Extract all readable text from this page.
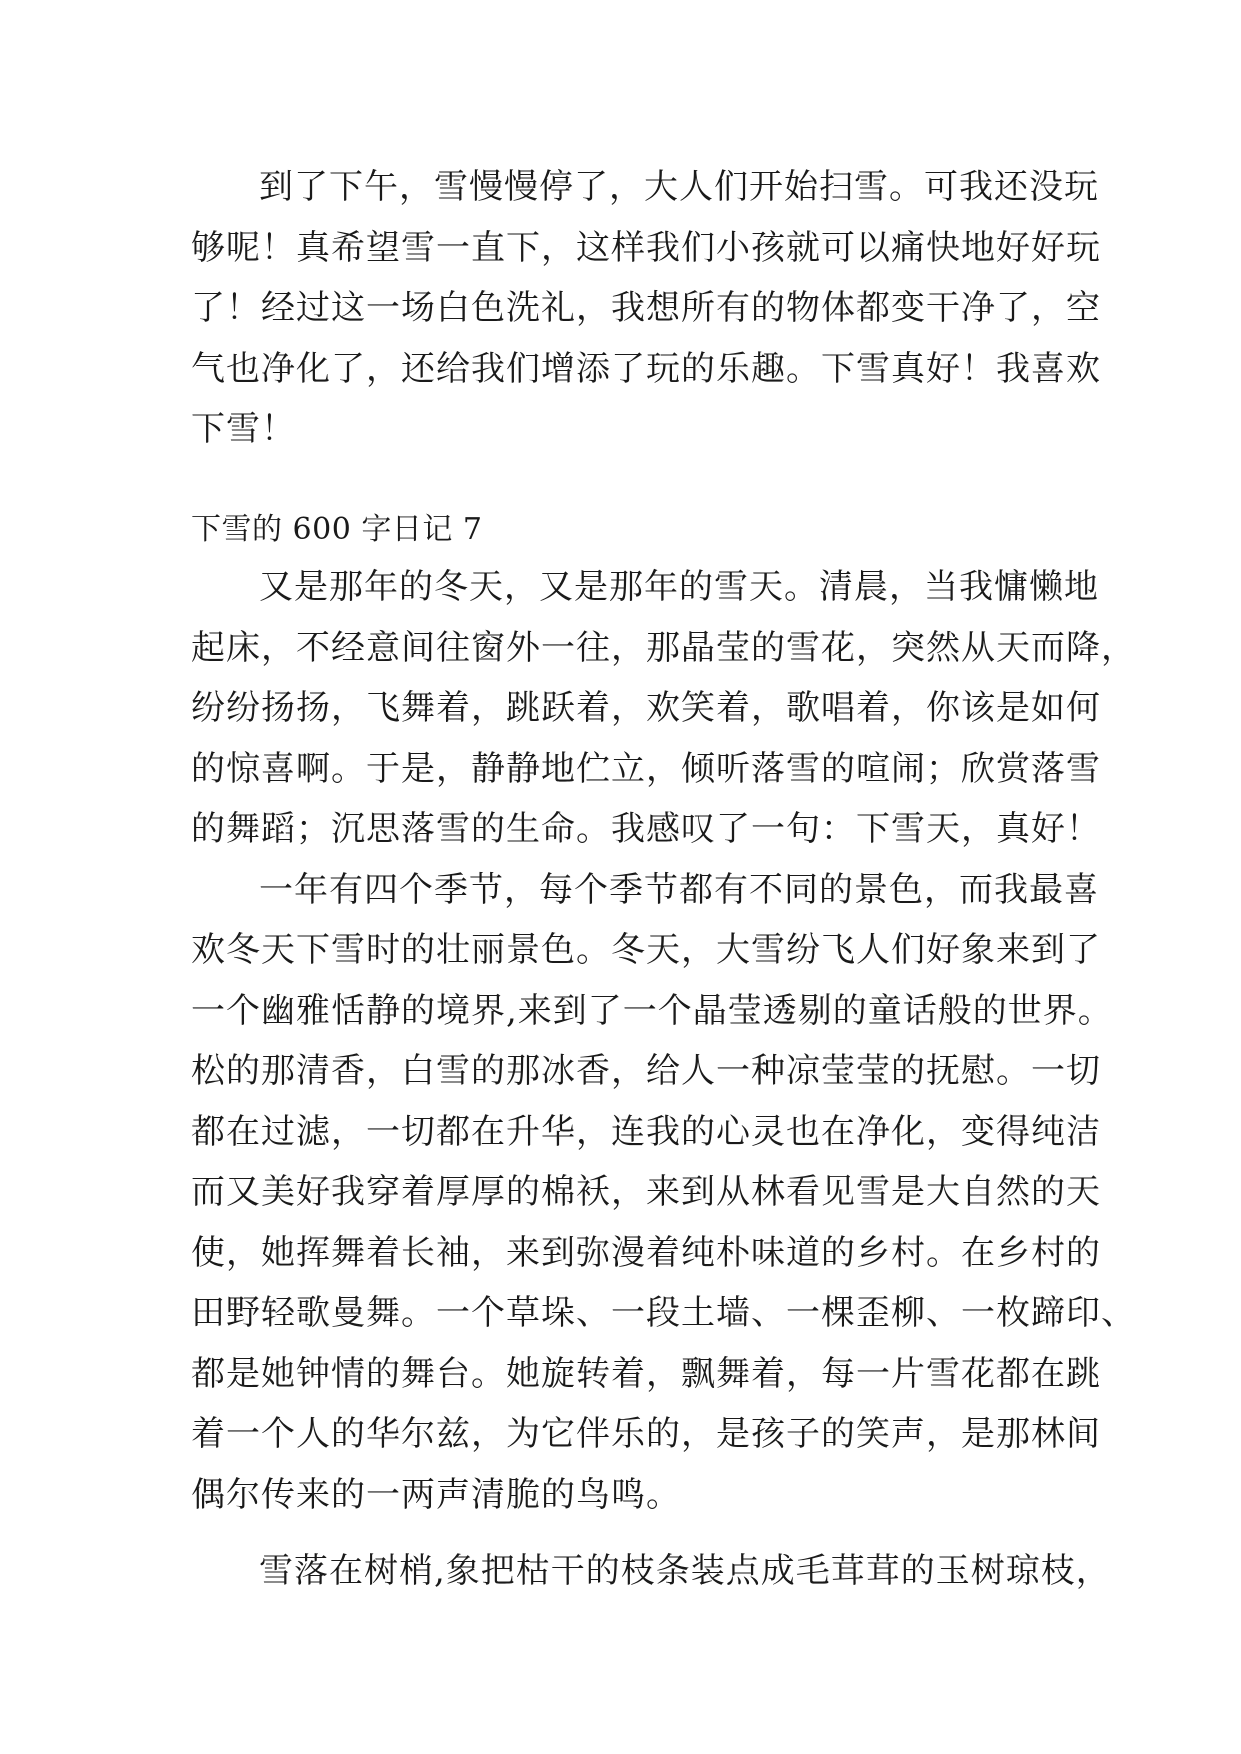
到了下午，雪慢慢停了，大人们开始扫雪。可我还没玩
够呢！真希望雪一直下，这样我们小孩就可以痛快地好好玩
了！经过这一场白色洗礼，我想所有的物体都变干净了，空
气也净化了，还给我们增添了玩的乐趣。下雪真好！我喜欢
下雪！
下雪的 600 字日记 7
又是那年的冬天，又是那年的雪天。清晨，当我慵懒地
起床，不经意间往窗外一往，那晶莹的雪花，突然从天而降，
纷纷扬扬，飞舞着，跳跃着，欢笑着，歌唱着，你该是如何
的惊喜啊。于是，静静地伫立，倾听落雪的喧闹；欣赏落雪
的舞蹈；沉思落雪的生命。我感叹了一句：下雪天，真好！
一年有四个季节，每个季节都有不同的景色，而我最喜
欢冬天下雪时的壮丽景色。冬天，大雪纷飞人们好象来到了
一个幽雅恬静的境界,来到了一个晶莹透剔的童话般的世界。
松的那清香，白雪的那冰香，给人一种凉莹莹的抚慰。一切
都在过滤，一切都在升华，连我的心灵也在净化，变得纯洁
而又美好我穿着厚厚的棉袄，来到从林看见雪是大自然的天
使，她挥舞着长袖，来到弥漫着纯朴味道的乡村。在乡村的
田野轻歌曼舞。一个草垛、一段土墙、一棵歪柳、一枚蹄印、
都是她钟情的舞台。她旋转着，飘舞着，每一片雪花都在跳
着一个人的华尔兹，为它伴乐的，是孩子的笑声，是那林间
偶尔传来的一两声清脆的鸟鸣。
雪落在树梢,象把枯干的枝条装点成毛茸茸的玉树琼枝，
